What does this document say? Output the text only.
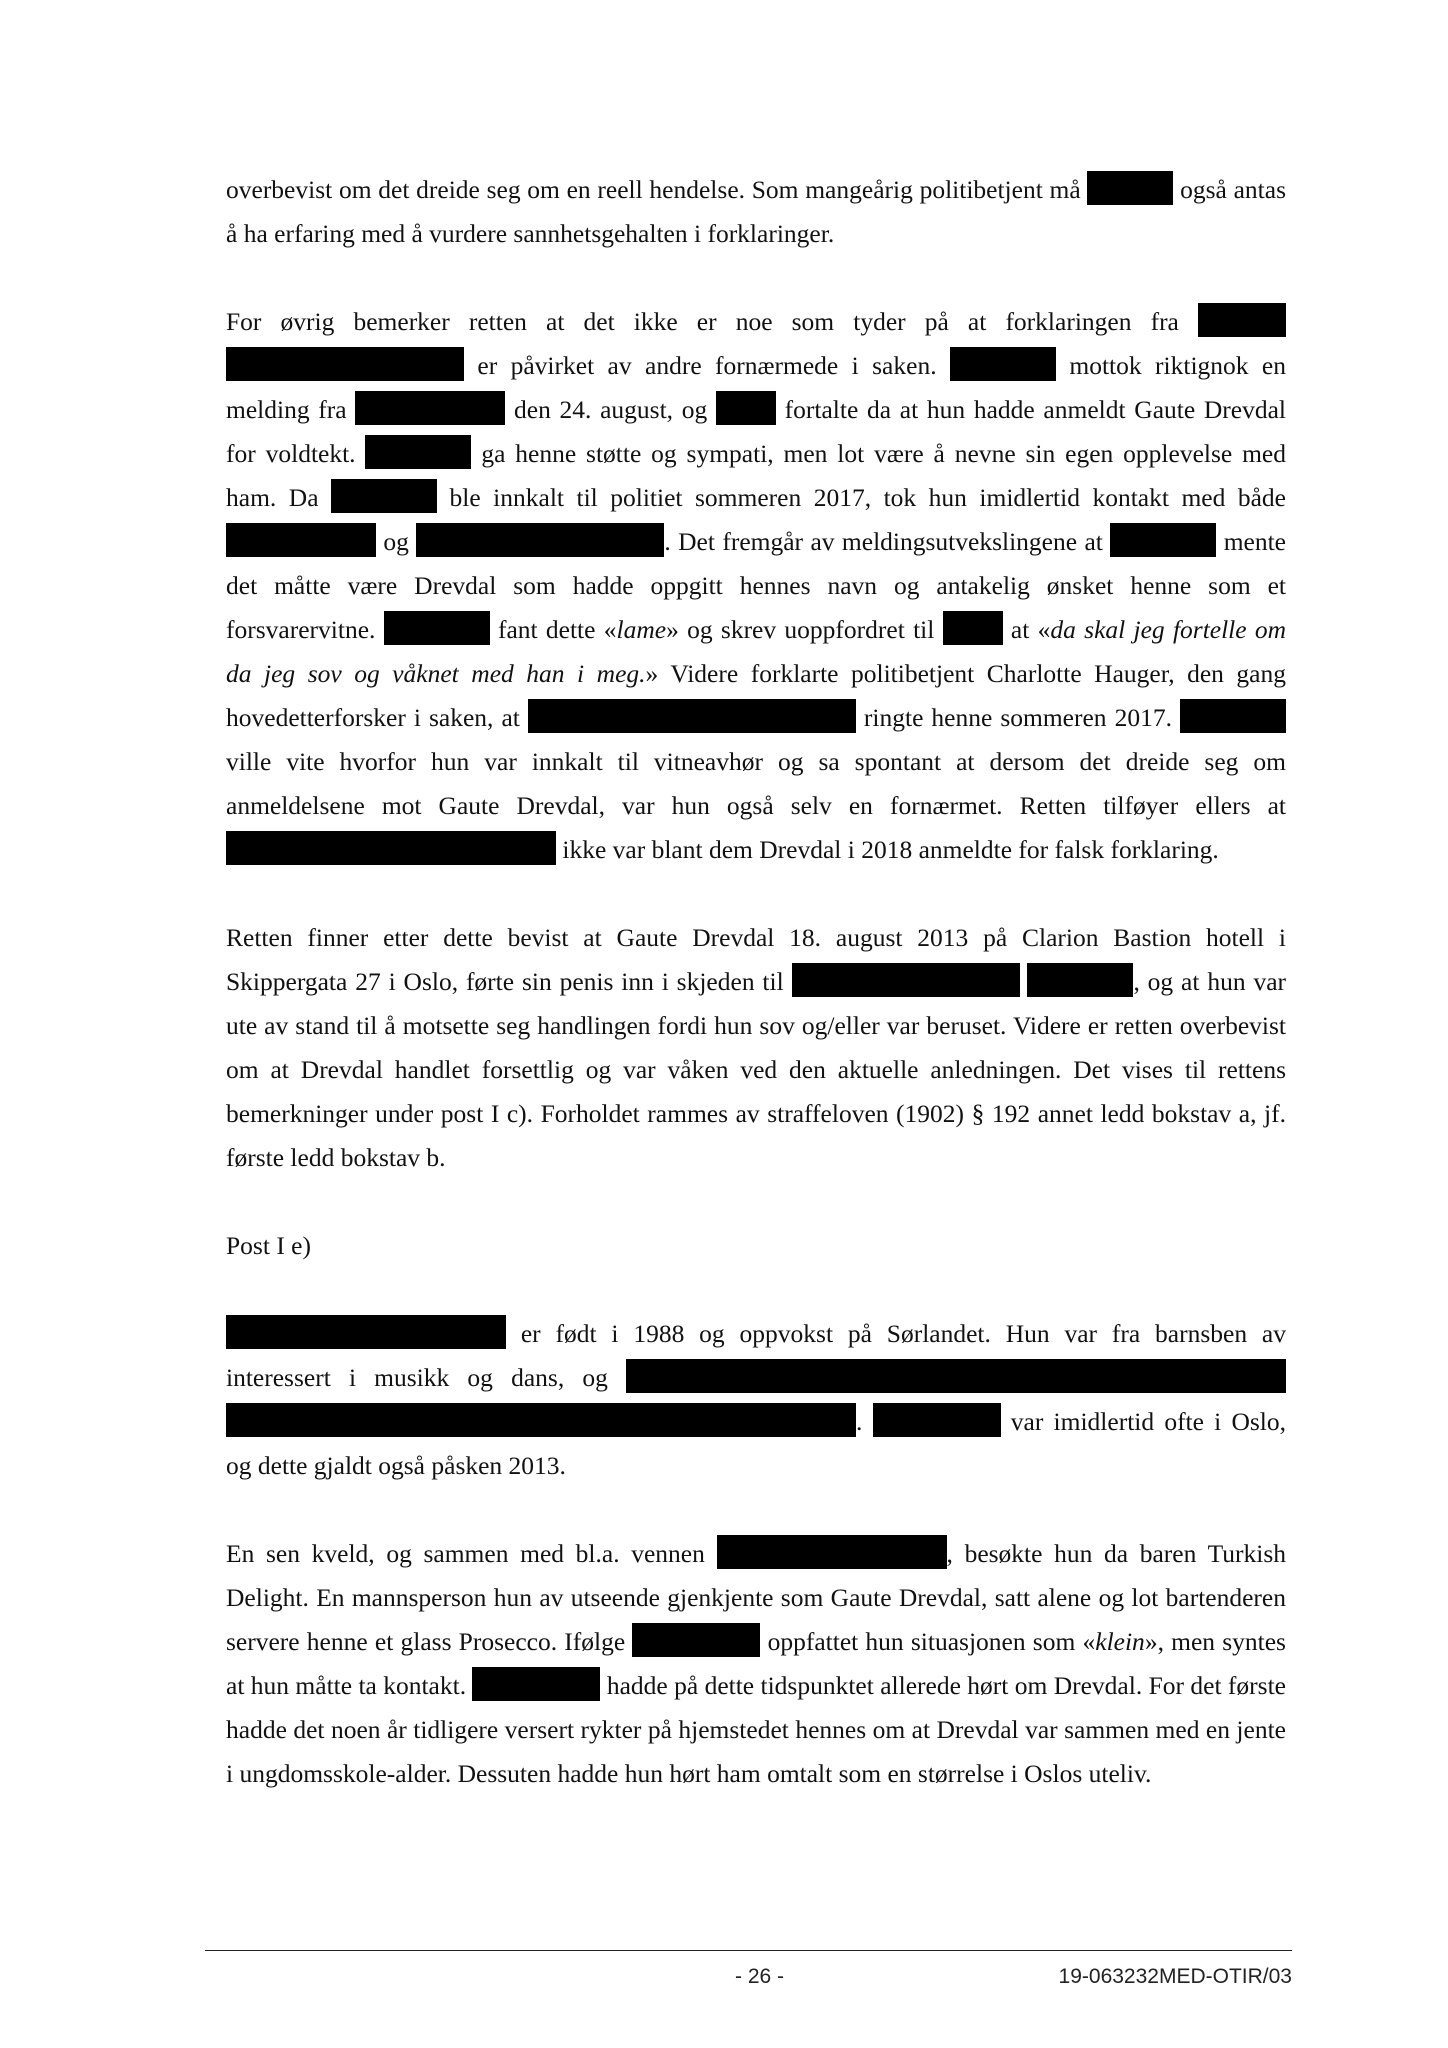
overbevist om det dreide seg om en reell hendelse. Som mangeårig politibetjent må	også antas å ha erfaring med å vurdere sannhetsgehalten i forklaringer.

For øvrig bemerker retten at det ikke er noe som tyder på at forklaringen fra   er påvirket av andre fornærmede i saken.	mottok riktignok en melding fra	den 24. august, og  fortalte da at hun hadde anmeldt Gaute Drevdal for voldtekt.	ga henne støtte og sympati, men lot være å nevne sin egen opplevelse med ham. Da	ble innkalt til politiet sommeren 2017, tok hun imidlertid kontakt med både  og	. Det fremgår av meldingsutvekslingene at	mente det måtte være Drevdal som hadde oppgitt hennes navn og antakelig ønsket henne som et forsvarervitne.	fant dette «lame» og skrev uoppfordret til  at «da skal jeg fortelle om da jeg sov og våknet med han i meg.» Videre forklarte politibetjent Charlotte Hauger, den gang hovedetterforsker i saken, at	ringte henne sommeren 2017.  ville vite hvorfor hun var innkalt til vitneavhør og sa spontant at dersom det dreide seg om anmeldelsene mot Gaute Drevdal, var hun også selv en fornærmet. Retten tilføyer ellers at  ikke var blant dem Drevdal i 2018 anmeldte for falsk forklaring.

Retten finner etter dette bevist at Gaute Drevdal 18. august 2013 på Clarion Bastion hotell i Skippergata 27 i Oslo, førte sin penis inn i skjeden til	, og at hun var ute av stand til å motsette seg handlingen fordi hun sov og/eller var beruset. Videre er retten overbevist om at Drevdal handlet forsettlig og var våken ved den aktuelle anledningen. Det vises til rettens bemerkninger under post I c). Forholdet rammes av straffeloven (1902) § 192 annet ledd bokstav a, jf. første ledd bokstav b.

Post I e)

er født i 1988 og oppvokst på Sørlandet. Hun var fra barnsben av interessert i musikk og dans, og  .	var imidlertid ofte i Oslo, og dette gjaldt også påsken 2013.

En sen kveld, og sammen med bl.a. vennen	, besøkte hun da baren Turkish Delight. En mannsperson hun av utseende gjenkjente som Gaute Drevdal, satt alene og lot bartenderen servere henne et glass Prosecco. Ifølge	oppfattet hun situasjonen som «klein», men syntes at hun måtte ta kontakt.	hadde på dette tidspunktet allerede hørt om Drevdal. For det første hadde det noen år tidligere versert rykter på hjemstedet hennes om at Drevdal var sammen med en jente i ungdomsskole-alder. Dessuten hadde hun hørt ham omtalt som en størrelse i Oslos uteliv.

- 26 -	19-063232MED-OTIR/03
